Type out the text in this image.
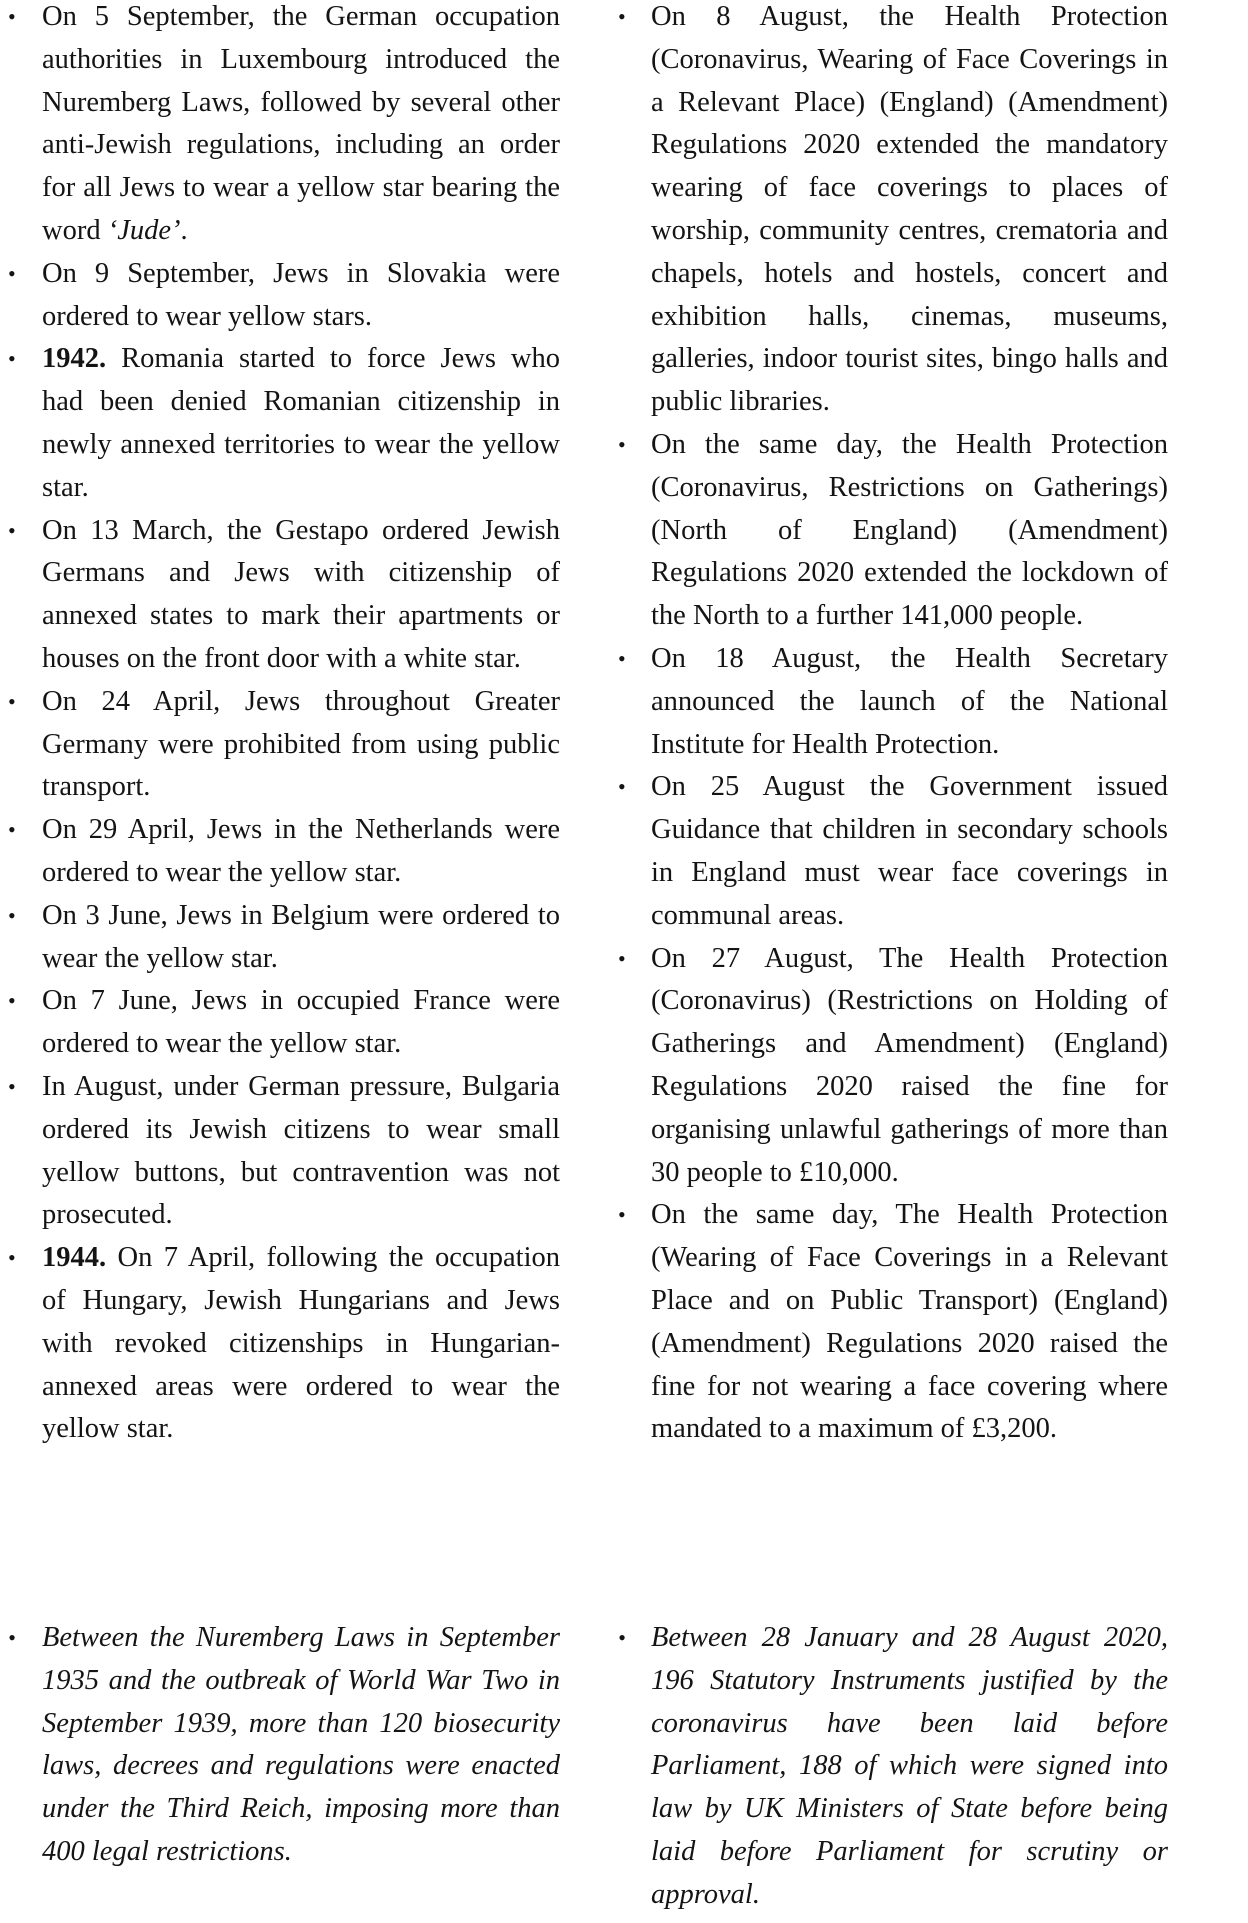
• On 5 September, the German occupation authorities in Luxembourg introduced the Nuremberg Laws, followed by several other anti-Jewish regulations, including an order for all Jews to wear a yellow star bearing the word ‘Jude’.
• On 9 September, Jews in Slovakia were ordered to wear yellow stars.
• 1942. Romania started to force Jews who had been denied Romanian citizenship in newly annexed territories to wear the yellow star.
• On 13 March, the Gestapo ordered Jewish Germans and Jews with citizenship of annexed states to mark their apartments or houses on the front door with a white star.
• On 24 April, Jews throughout Greater Germany were prohibited from using public transport.
• On 29 April, Jews in the Netherlands were ordered to wear the yellow star.
• On 3 June, Jews in Belgium were ordered to wear the yellow star.
• On 7 June, Jews in occupied France were ordered to wear the yellow star.
• In August, under German pressure, Bulgaria ordered its Jewish citizens to wear small yellow buttons, but contravention was not prosecuted.
• 1944. On 7 April, following the occupation of Hungary, Jewish Hungarians and Jews with revoked citizenships in Hungarian-annexed areas were ordered to wear the yellow star.
• Between the Nuremberg Laws in September 1935 and the outbreak of World War Two in September 1939, more than 120 biosecurity laws, decrees and regulations were enacted under the Third Reich, imposing more than 400 legal restrictions.
• On 8 August, the Health Protection (Coronavirus, Wearing of Face Coverings in a Relevant Place) (England) (Amendment) Regulations 2020 extended the mandatory wearing of face coverings to places of worship, community centres, crematoria and chapels, hotels and hostels, concert and exhibition halls, cinemas, museums, galleries, indoor tourist sites, bingo halls and public libraries.
• On the same day, the Health Protection (Coronavirus, Restrictions on Gatherings) (North of England) (Amendment) Regulations 2020 extended the lockdown of the North to a further 141,000 people.
• On 18 August, the Health Secretary announced the launch of the National Institute for Health Protection.
• On 25 August the Government issued Guidance that children in secondary schools in England must wear face coverings in communal areas.
• On 27 August, The Health Protection (Coronavirus) (Restrictions on Holding of Gatherings and Amendment) (England) Regulations 2020 raised the fine for organising unlawful gatherings of more than 30 people to £10,000.
• On the same day, The Health Protection (Wearing of Face Coverings in a Relevant Place and on Public Transport) (England) (Amendment) Regulations 2020 raised the fine for not wearing a face covering where mandated to a maximum of £3,200.
• Between 28 January and 28 August 2020, 196 Statutory Instruments justified by the coronavirus have been laid before Parliament, 188 of which were signed into law by UK Ministers of State before being laid before Parliament for scrutiny or approval.
